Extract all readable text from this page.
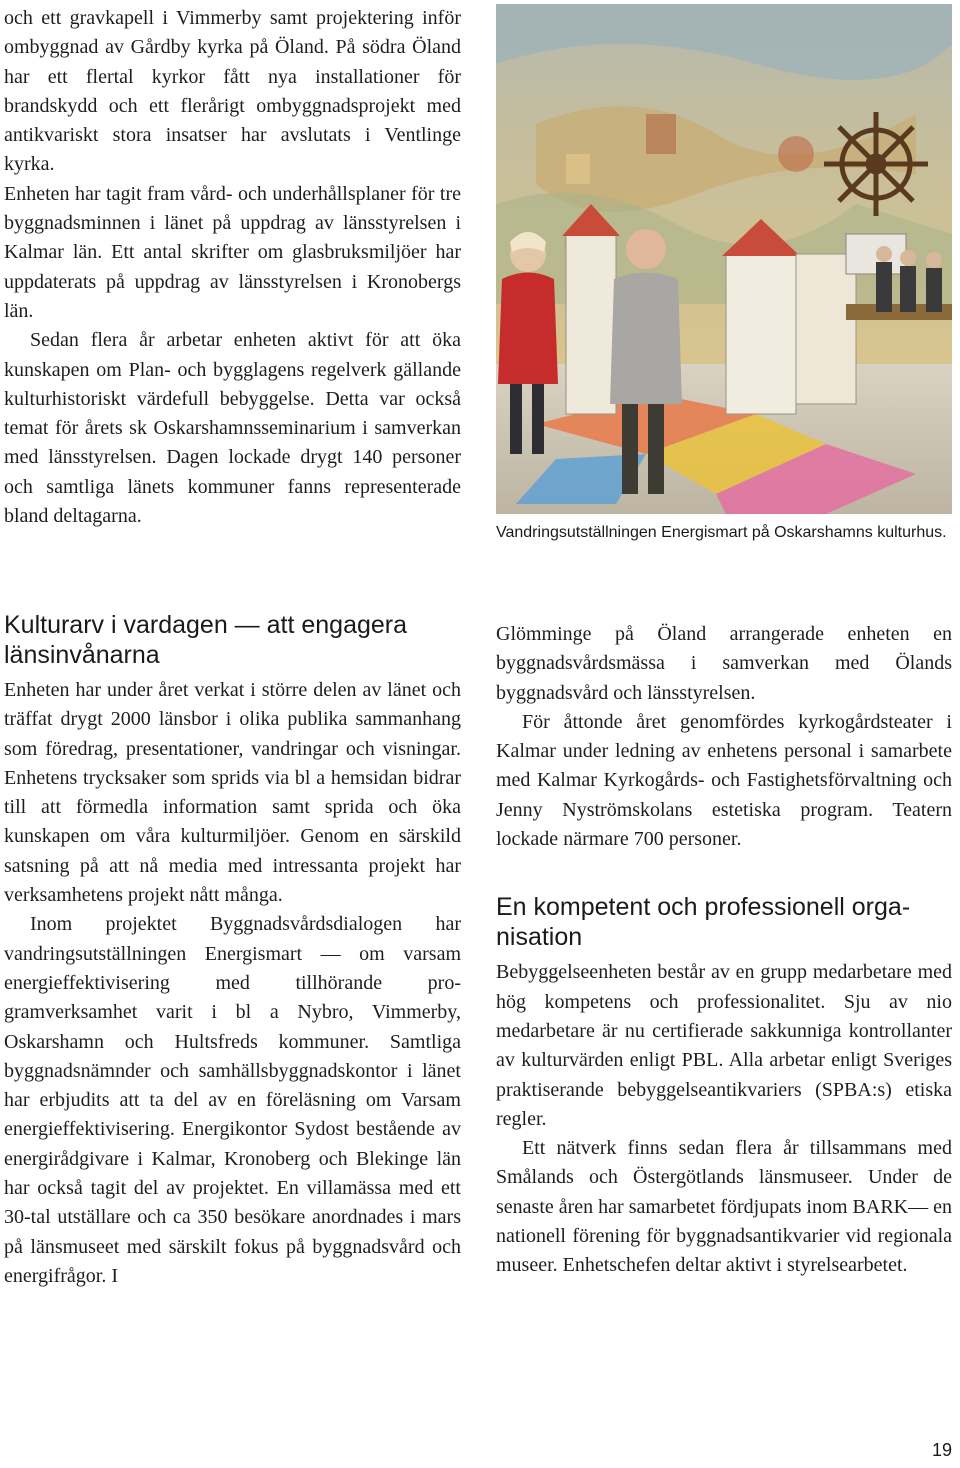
och ett gravkapell i Vimmerby samt projektering inför ombyggnad av Gårdby kyrka på Öland. På södra Öland har ett flertal kyrkor fått nya installationer för brandskydd och ett flerårigt ombyggnadsprojekt med antikvariskt stora insatser har avslutats i Ventlinge kyrka.

Enheten har tagit fram vård- och underhållsplaner för tre byggnadsminnen i länet på uppdrag av länsstyrelsen i Kalmar län. Ett antal skrifter om glasbruksmiljöer har uppdaterats på uppdrag av länsstyrelsen i Kronobergs län.

Sedan flera år arbetar enheten aktivt för att öka kunskapen om Plan- och bygglagens regelverk gällande kulturhistoriskt värdefull bebyggelse. Detta var också temat för årets sk Oskarshamnsseminarium i samverkan med länsstyrelsen. Dagen lockade drygt 140 personer och samtliga länets kommuner fanns representerade bland deltagarna.

Vandringsutställningen Energismart på Oskarshamns kulturhus.
Kulturarv i vardagen — att engagera länsinvånarna

Enheten har under året verkat i större delen av länet och träffat drygt 2000 länsbor i olika publika sammanhang som föredrag, presentationer, vandringar och visningar. Enhetens trycksaker som sprids via bl a hemsidan bidrar till att förmedla information samt sprida och öka kunskapen om våra kulturmiljöer. Genom en särskild satsning på att nå media med intressanta projekt har verksamhetens projekt nått många.

Inom projektet Byggnadsvårdsdialogen har vandringsutställningen Energismart — om varsam energieffektivisering med tillhörande programverksamhet varit i bl a Nybro, Vimmerby, Oskarshamn och Hultsfreds kommuner. Samtliga byggnadsnämnder och samhällsbyggnadskontor i länet har erbjudits att ta del av en föreläsning om Varsam energieffektivisering. Energikontor Sydost bestående av energirådgivare i Kalmar, Kronoberg och Blekinge län har också tagit del av projektet. En villamässa med ett 30-tal utställare och ca 350 besökare anordnades i mars på länsmuseet med särskilt fokus på byggnadsvård och energifrågor. I

Glömminge på Öland arrangerade enheten en byggnadsvårdsmässa i samverkan med Ölands byggnadsvård och länsstyrelsen.

För åttonde året genomfördes kyrkogårdsteater i Kalmar under ledning av enhetens personal i samarbete med Kalmar Kyrkogårds- och Fastighetsförvaltning och Jenny Nyströmskolans estetiska program. Teatern lockade närmare 700 personer.

En kompetent och professionell organisation

Bebyggelseenheten består av en grupp medarbetare med hög kompetens och professionalitet. Sju av nio medarbetare är nu certifierade sakkunniga kontrollanter av kulturvärden enligt PBL. Alla arbetar enligt Sveriges praktiserande bebyggelseantikvariers (SPBA:s) etiska regler.

Ett nätverk finns sedan flera år tillsammans med Smålands och Östergötlands länsmuseer. Under de senaste åren har samarbetet fördjupats inom BARK— en nationell förening för byggnadsantikvarier vid regionala museer. Enhetschefen deltar aktivt i styrelsearbetet.

19
